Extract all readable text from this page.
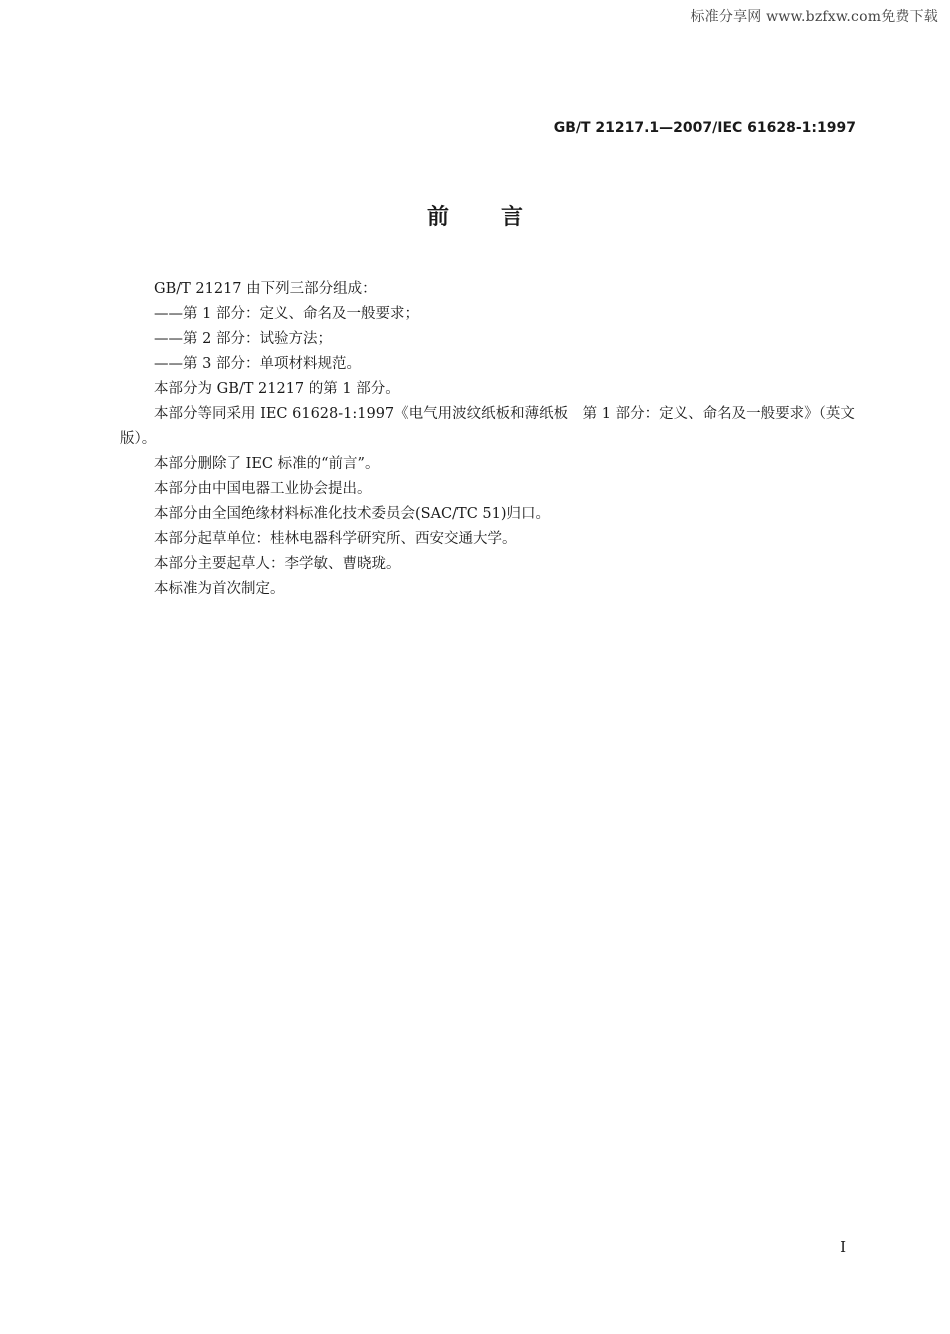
标准分享网 www.bzfxw.com免费下载
GB/T 21217.1—2007/IEC 61628-1:1997
前言

GB/T 21217 由下列三部分组成：

——第 1 部分：定义、命名及一般要求；

——第 2 部分：试验方法；

——第 3 部分：单项材料规范。

本部分为 GB/T 21217 的第 1 部分。

本部分等同采用 IEC 61628-1:1997《电气用波纹纸板和薄纸板　第 1 部分：定义、命名及一般要求》（英文版）。

本部分删除了 IEC 标准的“前言”。

本部分由中国电器工业协会提出。

本部分由全国绝缘材料标准化技术委员会(SAC/TC 51)归口。

本部分起草单位：桂林电器科学研究所、西安交通大学。

本部分主要起草人：李学敏、曹晓珑。

本标准为首次制定。

I
